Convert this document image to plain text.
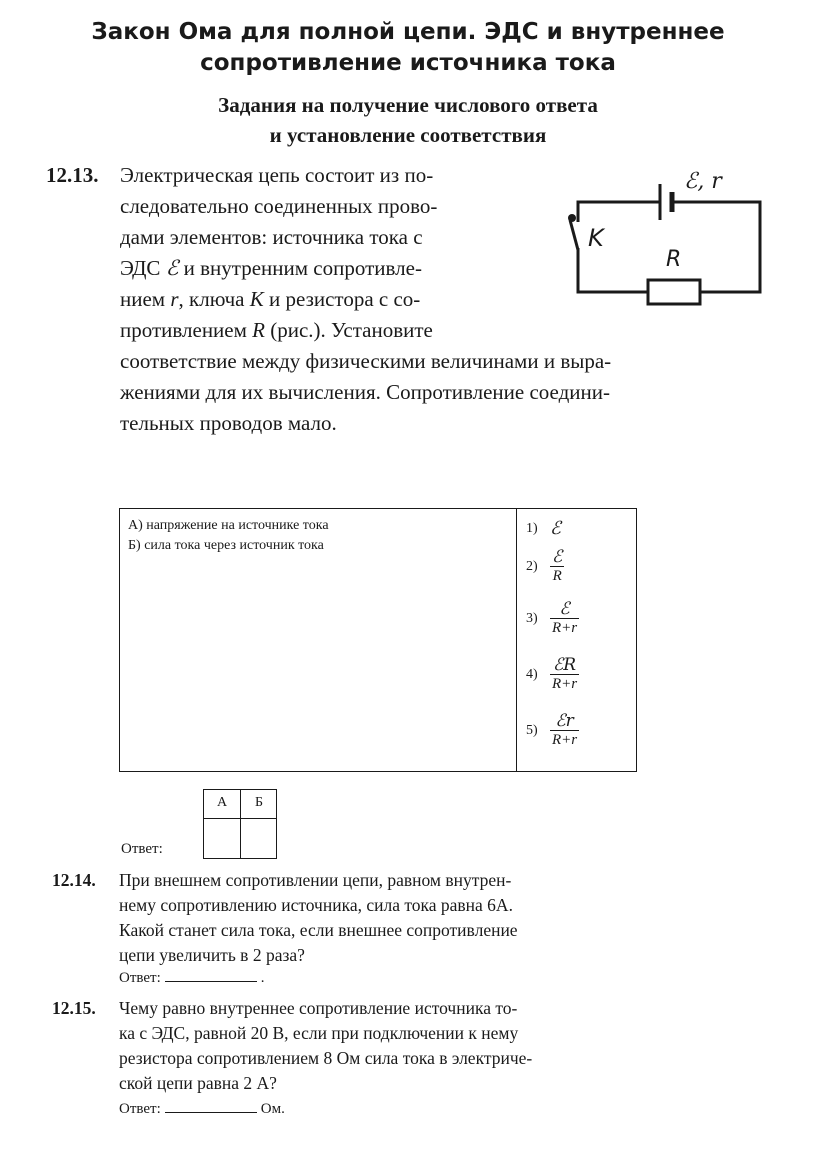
Закон Ома для полной цепи. ЭДС и внутреннее
сопротивление источника тока
Задания на получение числового ответа
и установление соответствия
12.13. Электрическая цепь состоит из по-
следовательно соединенных прово-
дами элементов: источника тока с
ЭДС ℰ и внутренним сопротивле-
нием r, ключа K и резистора с со-
противлением R (рис.). Установите
соответствие между физическими величинами и выра-
жениями для их вычисления. Сопротивление соедини-
тельных проводов мало.
ℰ, r
K
R
А) напряжение на источнике тока
Б) сила тока через источник тока
1) ℰ
$2) \frac{\text{ℰ}}{R}$
$3) \frac{\text{ℰ}}{R+r}$
$4) \frac{\text{ℰR}}{R+r}$
$5) \frac{\text{ℰr}}{R+r}$
Ответ:
А	Б
12.14. При внешнем сопротивлении цепи, равном внутрен-
нему сопротивлению источника, сила тока равна 6А.
Какой станет сила тока, если внешнее сопротивление
цепи увеличить в 2 раза?
Ответ:	.
12.15. Чему равно внутреннее сопротивление источника то-
ка с ЭДС, равной 20 В, если при подключении к нему
резистора сопротивлением 8 Ом сила тока в электриче-
ской цепи равна 2 А?
Ответ:	Ом.
